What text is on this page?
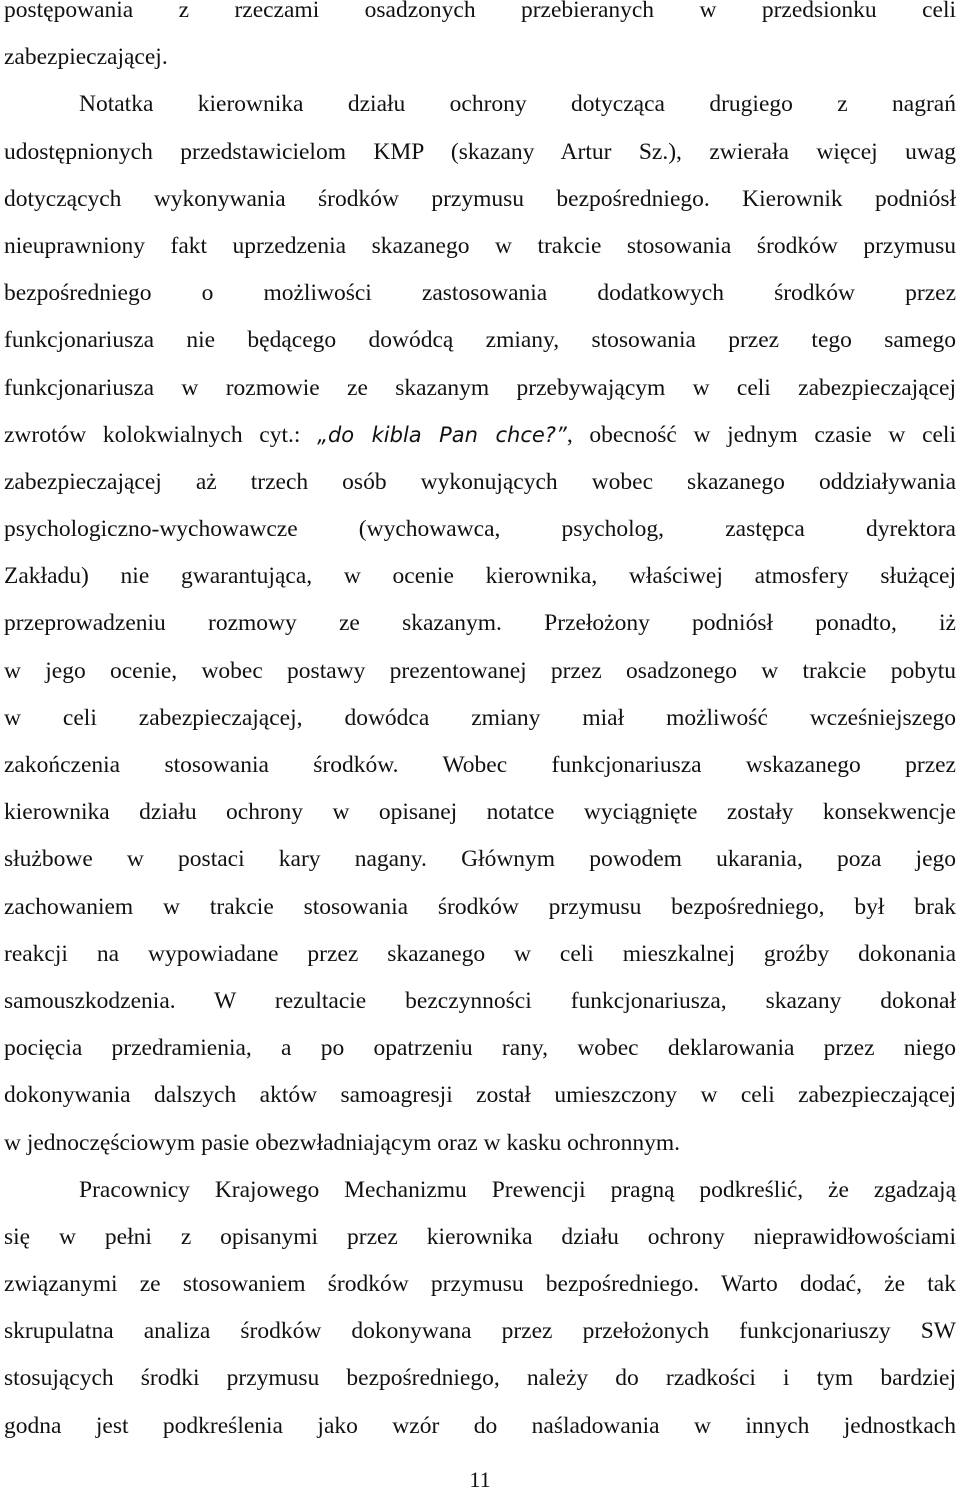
postępowania z rzeczami osadzonych przebieranych w przedsionku celi
zabezpieczającej.
Notatka kierownika działu ochrony dotycząca drugiego z nagrań
udostępnionych przedstawicielom KMP (skazany Artur Sz.), zwierała więcej uwag
dotyczących wykonywania środków przymusu bezpośredniego. Kierownik podniósł
nieuprawniony fakt uprzedzenia skazanego w trakcie stosowania środków przymusu
bezpośredniego o możliwości zastosowania dodatkowych środków przez
funkcjonariusza nie będącego dowódcą zmiany, stosowania przez tego samego
funkcjonariusza w rozmowie ze skazanym przebywającym w celi zabezpieczającej
zwrotów kolokwialnych cyt.: „do kibla Pan chce?”, obecność w jednym czasie w celi
zabezpieczającej aż trzech osób wykonujących wobec skazanego oddziaływania
psychologiczno-wychowawcze (wychowawca, psycholog, zastępca dyrektora
Zakładu) nie gwarantująca, w ocenie kierownika, właściwej atmosfery służącej
przeprowadzeniu rozmowy ze skazanym. Przełożony podniósł ponadto, iż
w jego ocenie, wobec postawy prezentowanej przez osadzonego w trakcie pobytu
w celi zabezpieczającej, dowódca zmiany miał możliwość wcześniejszego
zakończenia stosowania środków. Wobec funkcjonariusza wskazanego przez
kierownika działu ochrony w opisanej notatce wyciągnięte zostały konsekwencje
służbowe w postaci kary nagany. Głównym powodem ukarania, poza jego
zachowaniem w trakcie stosowania środków przymusu bezpośredniego, był brak
reakcji na wypowiadane przez skazanego w celi mieszkalnej groźby dokonania
samouszkodzenia. W rezultacie bezczynności funkcjonariusza, skazany dokonał
pocięcia przedramienia, a po opatrzeniu rany, wobec deklarowania przez niego
dokonywania dalszych aktów samoagresji został umieszczony w celi zabezpieczającej
w jednoczęściowym pasie obezwładniającym oraz w kasku ochronnym.
Pracownicy Krajowego Mechanizmu Prewencji pragną podkreślić, że zgadzają
się w pełni z opisanymi przez kierownika działu ochrony nieprawidłowościami
związanymi ze stosowaniem środków przymusu bezpośredniego. Warto dodać, że tak
skrupulatna analiza środków dokonywana przez przełożonych funkcjonariuszy SW
stosujących środki przymusu bezpośredniego, należy do rzadkości i tym bardziej
godna jest podkreślenia jako wzór do naśladowania w innych jednostkach
11
